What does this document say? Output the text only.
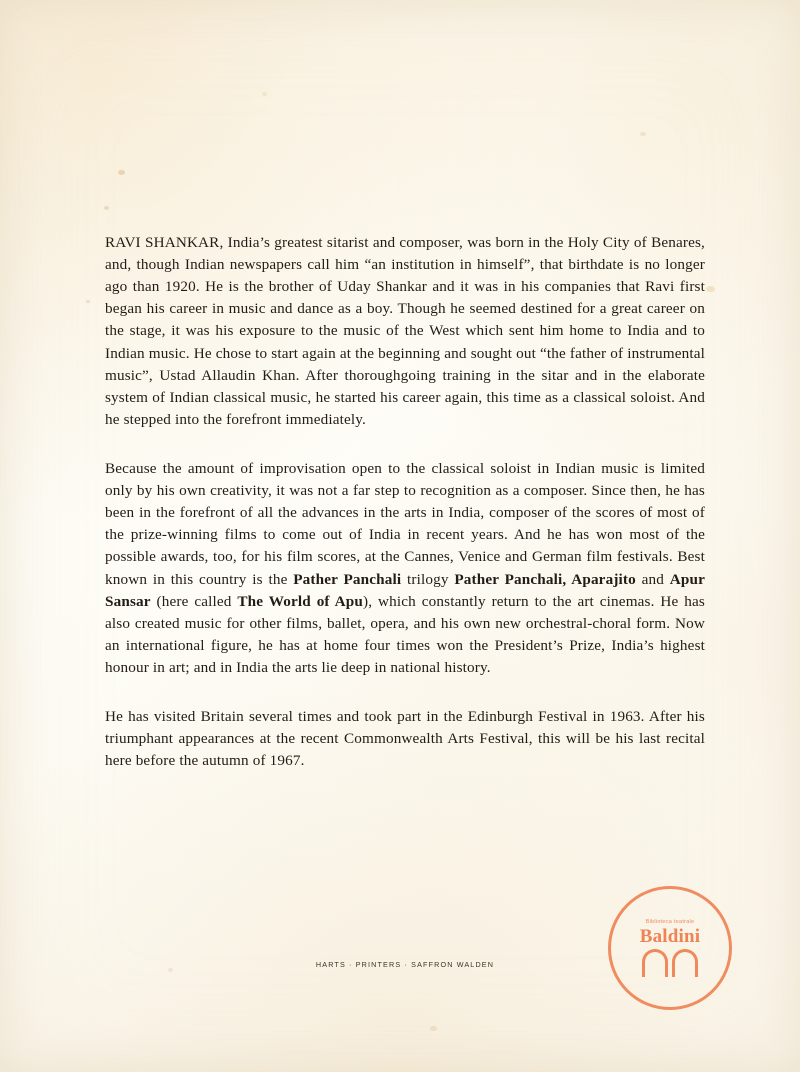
RAVI SHANKAR, India’s greatest sitarist and composer, was born in the Holy City of Benares, and, though Indian newspapers call him “an institution in himself”, that birthdate is no longer ago than 1920. He is the brother of Uday Shankar and it was in his companies that Ravi first began his career in music and dance as a boy. Though he seemed destined for a great career on the stage, it was his exposure to the music of the West which sent him home to India and to Indian music. He chose to start again at the beginning and sought out “the father of instrumental music”, Ustad Allaudin Khan. After thoroughgoing training in the sitar and in the elaborate system of Indian classical music, he started his career again, this time as a classical soloist. And he stepped into the forefront immediately.

Because the amount of improvisation open to the classical soloist in Indian music is limited only by his own creativity, it was not a far step to recognition as a composer. Since then, he has been in the forefront of all the advances in the arts in India, composer of the scores of most of the prize-winning films to come out of India in recent years. And he has won most of the possible awards, too, for his film scores, at the Cannes, Venice and German film festivals. Best known in this country is the Pather Panchali trilogy Pather Panchali, Aparajito and Apur Sansar (here called The World of Apu), which constantly return to the art cinemas. He has also created music for other films, ballet, opera, and his own new orchestral-choral form. Now an international figure, he has at home four times won the President’s Prize, India’s highest honour in art; and in India the arts lie deep in national history.

He has visited Britain several times and took part in the Edinburgh Festival in 1963. After his triumphant appearances at the recent Commonwealth Arts Festival, this will be his last recital here before the autumn of 1967.

HARTS · PRINTERS · SAFFRON WALDEN
Biblioteca teatrale
Baldini
